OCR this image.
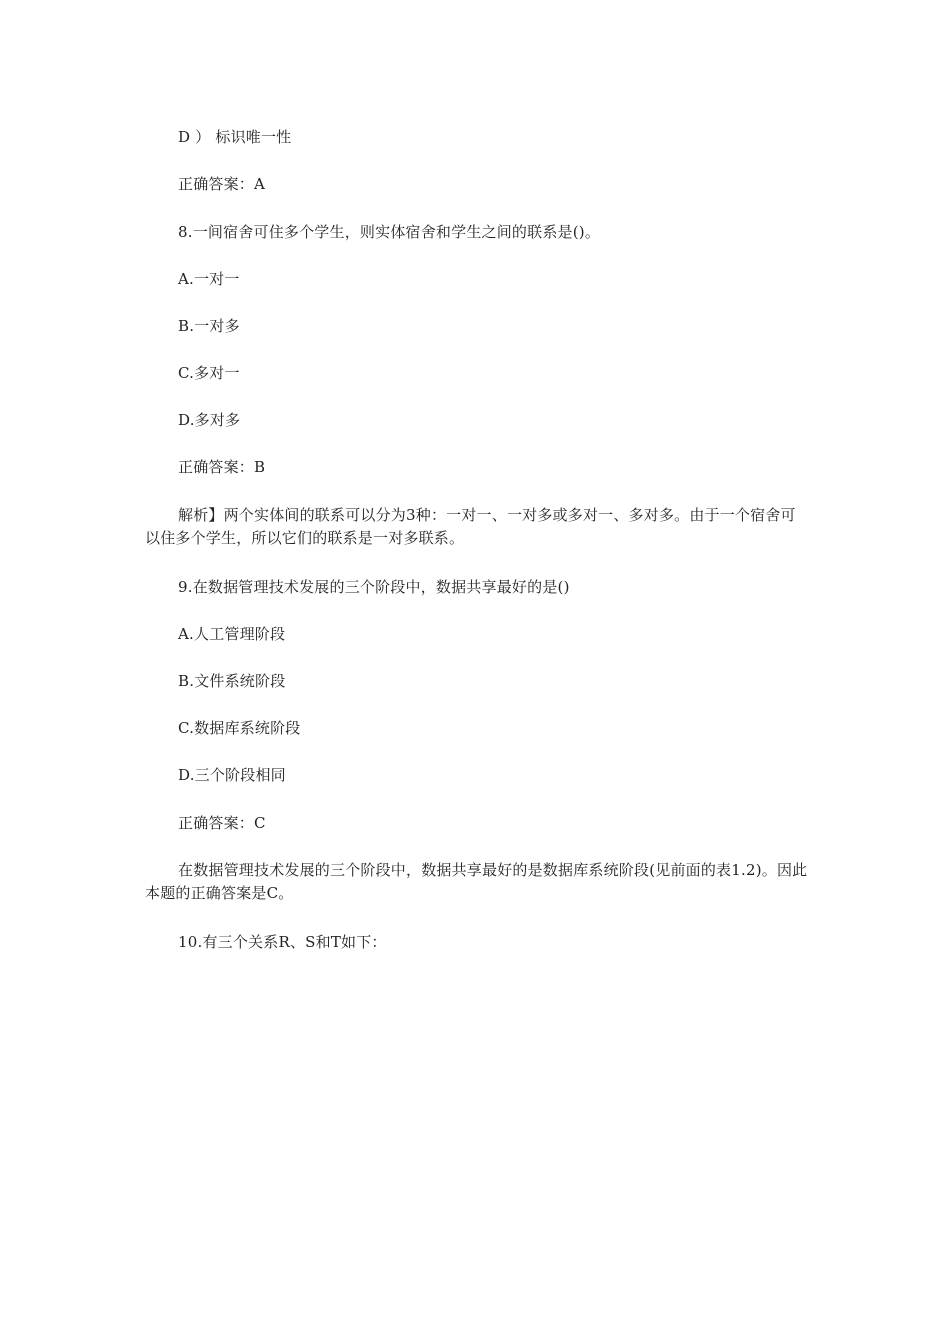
D ） 标识唯一性
正确答案：A
8.一间宿舍可住多个学生，则实体宿舍和学生之间的联系是()。
A.一对一
B.一对多
C.多对一
D.多对多
正确答案：B
解析】两个实体间的联系可以分为3种：一对一、一对多或多对一、多对多。由于一个宿舍可以住多个学生，所以它们的联系是一对多联系。
9.在数据管理技术发展的三个阶段中，数据共享最好的是()
A.人工管理阶段
B.文件系统阶段
C.数据库系统阶段
D.三个阶段相同
正确答案：C
在数据管理技术发展的三个阶段中，数据共享最好的是数据库系统阶段(见前面的表1.2)。因此本题的正确答案是C。
10.有三个关系R、S和T如下：
